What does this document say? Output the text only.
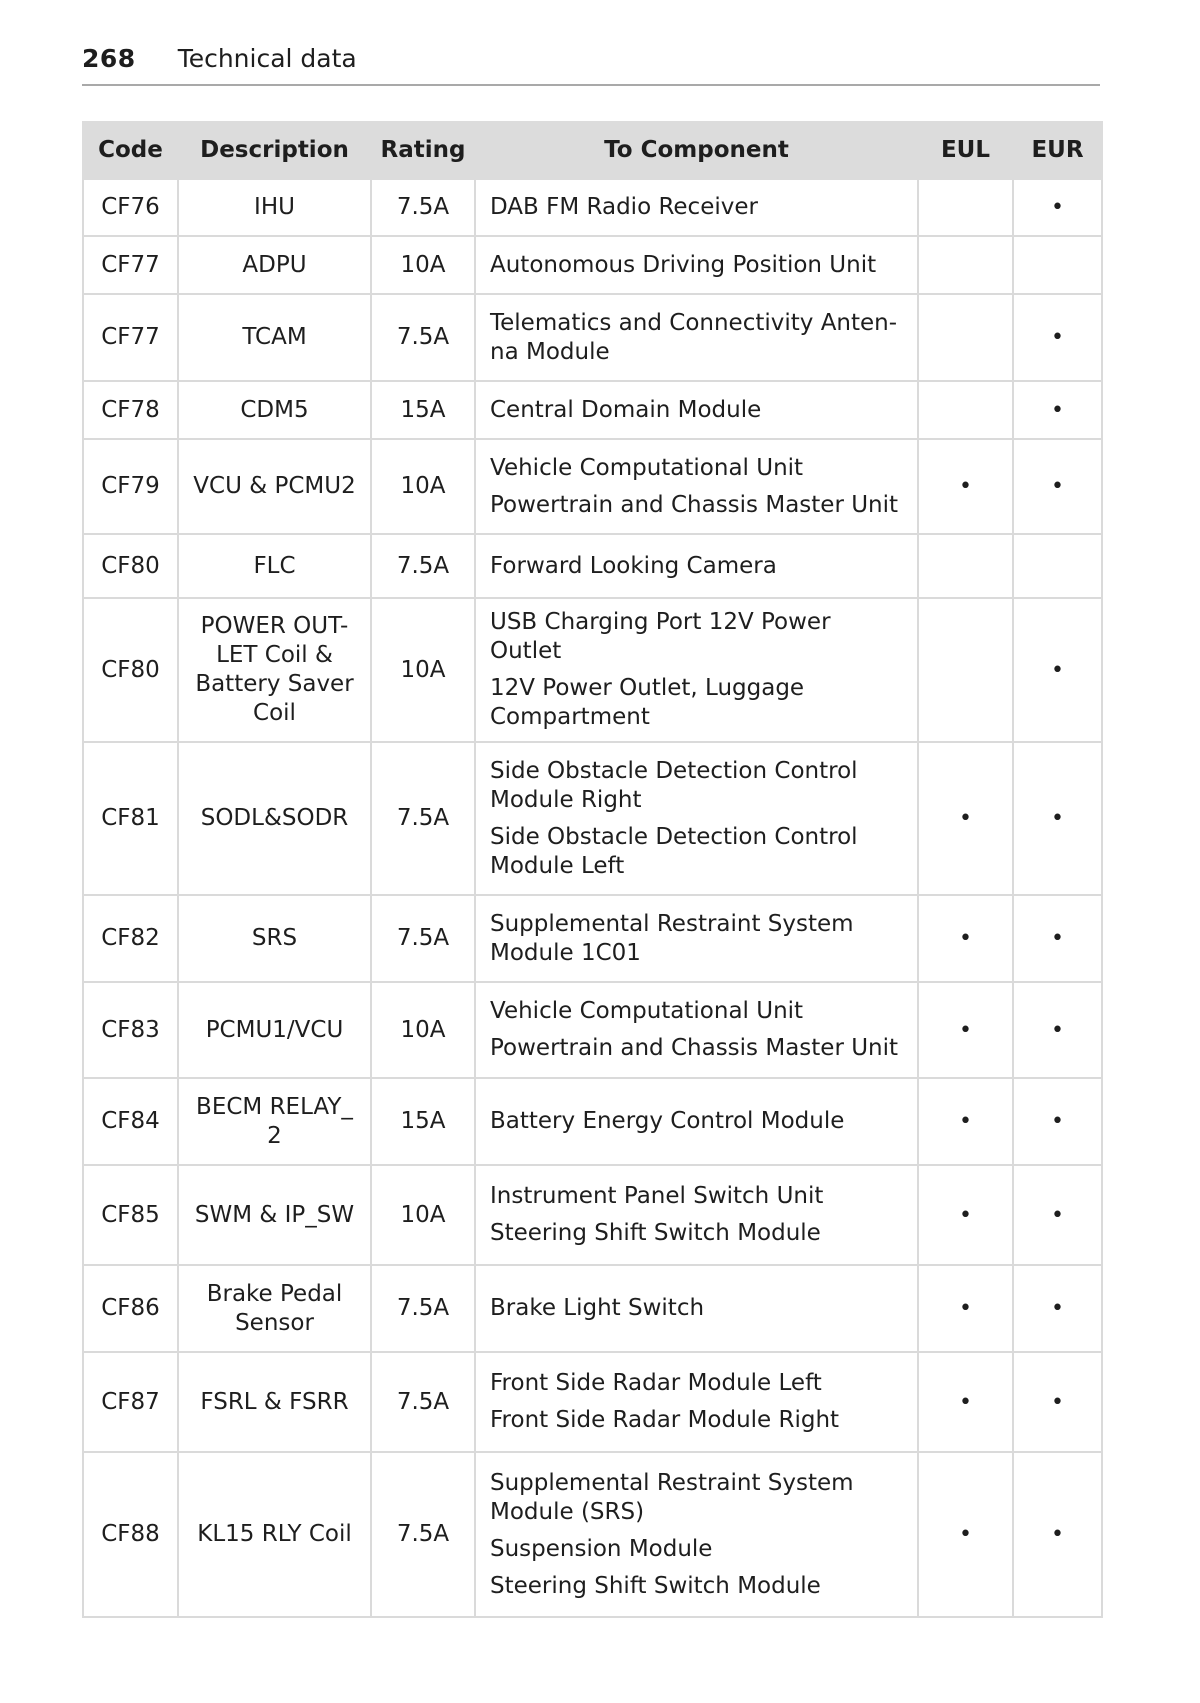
268 Technical data
Code	Description	Rating	To Component	EUL	EUR

CF76	IHU	7.5A	DAB FM Radio Receiver		•

CF77	ADPU	10A	Autonomous Driving Position Unit		

CF77	TCAM	7.5A	Telematics and Connectivity Anten-
na Module		•

CF78	CDM5	15A	Central Domain Module		•

CF79	VCU & PCMU2	10A	Vehicle Computational Unit
Powertrain and Chassis Master Unit	•	•

CF80	FLC	7.5A	Forward Looking Camera		

CF80	POWER OUT-
LET Coil &
Battery Saver
Coil	10A	USB Charging Port 12V Power Outlet
12V Power Outlet, Luggage
Compartment		•

CF81	SODL&SODR	7.5A	Side Obstacle Detection Control
Module Right
Side Obstacle Detection Control
Module Left	•	•

CF82	SRS	7.5A	Supplemental Restraint System
Module 1C01	•	•

CF83	PCMU1/VCU	10A	Vehicle Computational Unit
Powertrain and Chassis Master Unit	•	•

CF84	BECM RELAY_
2	15A	Battery Energy Control Module	•	•

CF85	SWM & IP_SW	10A	Instrument Panel Switch Unit
Steering Shift Switch Module	•	•

CF86	Brake Pedal
Sensor	7.5A	Brake Light Switch	•	•

CF87	FSRL & FSRR	7.5A	Front Side Radar Module Left
Front Side Radar Module Right	•	•

CF88	KL15 RLY Coil	7.5A	Supplemental Restraint System
Module (SRS)
Suspension Module
Steering Shift Switch Module	•	•
